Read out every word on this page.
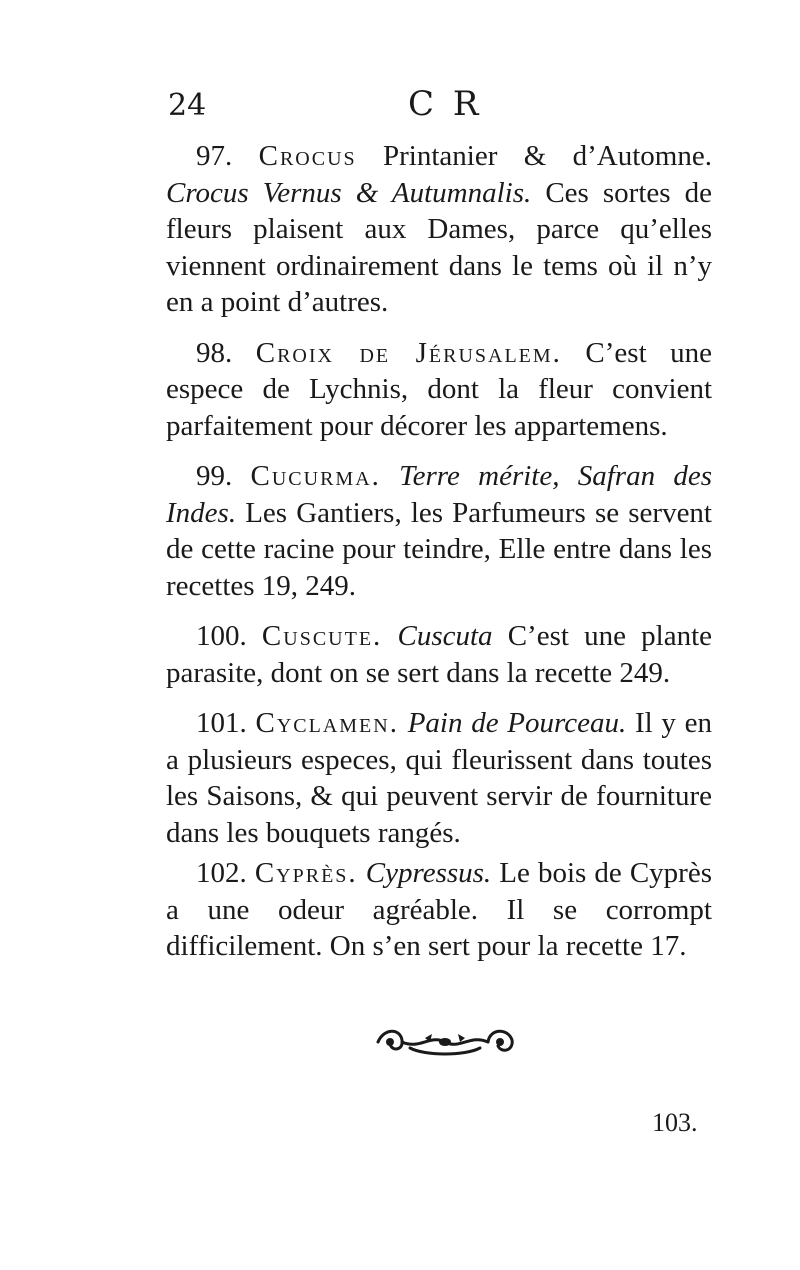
24	C R

97. Crocus Printanier & d’Automne. Crocus Vernus & Autumnalis. Ces sortes de fleurs plaisent aux Dames, parce qu’elles viennent ordinairement dans le tems où il n’y en a point d’autres.

98. Croix de Jérusalem. C’est une espece de Lychnis, dont la fleur convient parfaitement pour décorer les appartemens.

99. Cucurma. Terre mérite, Safran des Indes. Les Gantiers, les Parfumeurs se servent de cette racine pour teindre, Elle entre dans les recettes 19, 249.

100. Cuscute. Cuscuta C’est une plante parasite, dont on se sert dans la recette 249.

101. Cyclamen. Pain de Pourceau. Il y en a plusieurs especes, qui fleurissent dans toutes les Saisons, & qui peuvent servir de fourniture dans les bouquets rangés.

102. Cyprès. Cypressus. Le bois de Cyprès a une odeur agréable. Il se corrompt difficilement. On s’en sert pour la recette 17.

103.
